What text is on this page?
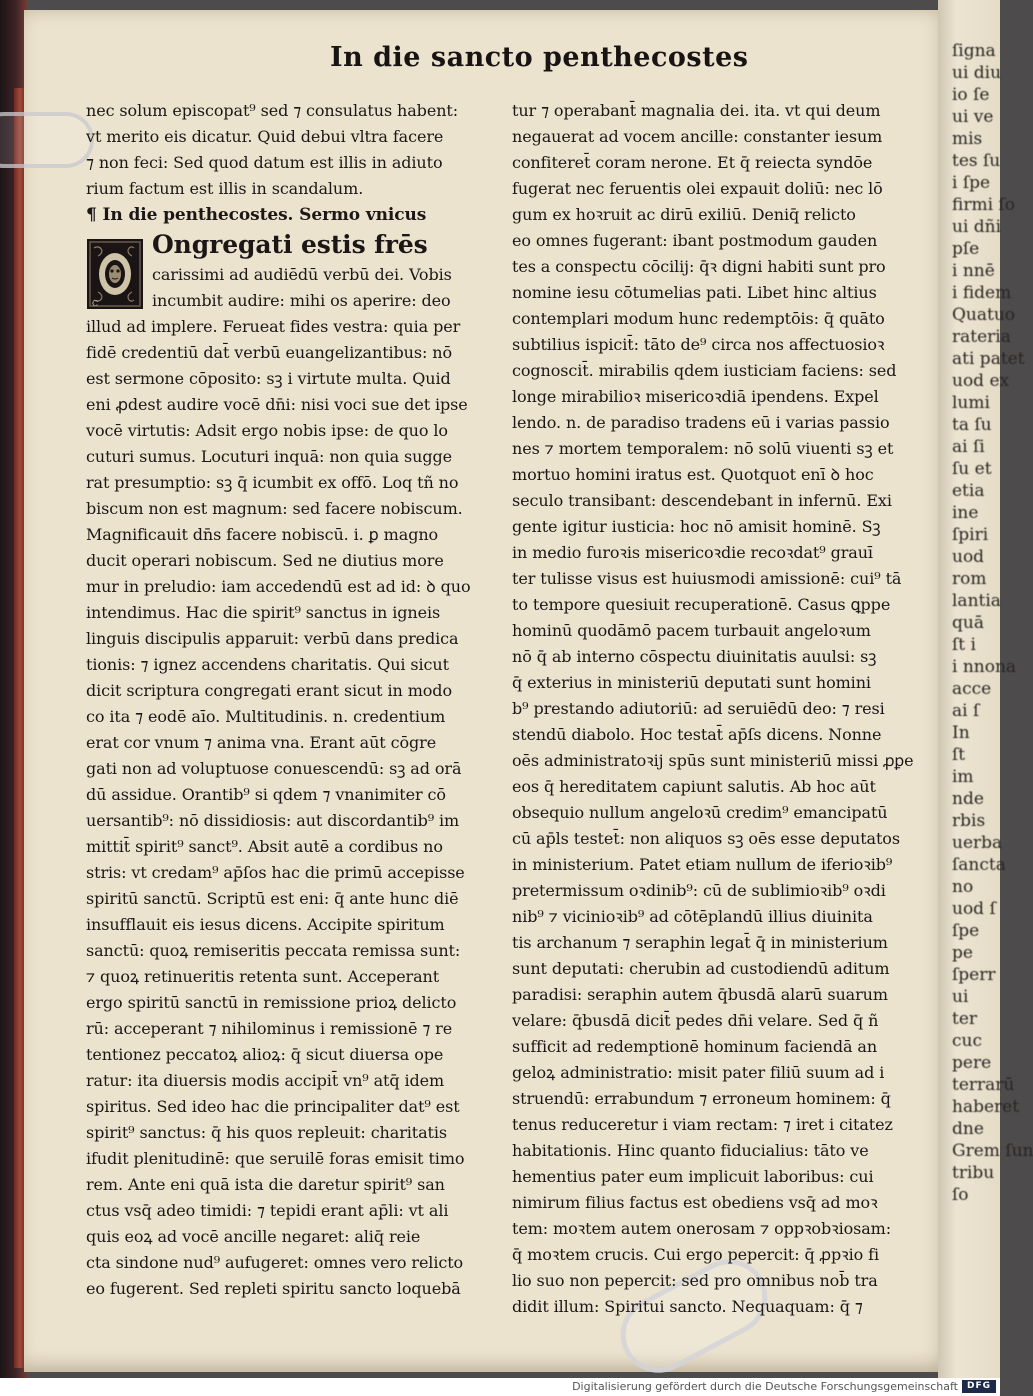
ſigna
ui diu
io ſe
ui ve
mis
tes ſu
i ſpe
firmi ſo
ui dñi
pſe
i nnē
i fidem
Quatuo
rateria
ati patet
uod ex
lumi
ta ſu
ai ſi
ſu et
etia
ine
ſpiri
uod
rom
lantia
quā
ſt i
i nnona
acce
ai ſ
In
ſt
im
nde
rbis
uerba
ſancta
no
uod ſ
ſpe
pe
ſperr
ui
ter
cuc
pere
terrarū
haberet
dne
Grem ſun
tribu
ſo
In die sancto penthecostes
nec solum episcopat⁹ sed ⁊ consulatus habent:
vt merito eis dicatur. Quid debui vltra facere
⁊ non feci: Sed quod datum est illis in adiuto
rium factum est illis in scandalum.
¶ In die penthecostes. Sermo vnicus
C
Ongregati estis frēs
carissimi ad audiēdū verbū dei. Vobis
incumbit audire: mihi os aperire: deo
illud ad implere. Ferueat fides vestra: quia per
fidē credentiū dat̄ verbū euangelizantibus: nō
est sermone cōposito: sꝫ i virtute multa. Quid
eni ꝓdest audire vocē dn̄i: nisi voci sue det ipse
vocē virtutis: Adsit ergo nobis ipse: de quo lo
cuturi sumus. Locuturi inquā: non quia sugge
rat presumptio: sꝫ q̄ icumbit ex offō. Loq tñ no
biscum non est magnum: sed facere nobiscum.
Magnificauit dn̄s facere nobiscū. i. ꝑ magno
ducit operari nobiscum. Sed ne diutius more
mur in preludio: iam accedendū est ad id: ꝺ quo
intendimus. Hac die spirit⁹ sanctus in igneis
linguis discipulis apparuit: verbū dans predica
tionis: ⁊ ignez accendens charitatis. Qui sicut
dicit scriptura congregati erant sicut in modo
co ita ⁊ eodē aīo. Multitudinis. n. credentium
erat cor vnum ⁊ anima vna. Erant aūt cōgre
gati non ad voluptuose conuescendū: sꝫ ad orā
dū assidue. Orantib⁹ si qdem ⁊ vnanimiter cō
uersantib⁹: nō dissidiosis: aut discordantib⁹ im
mittit̄ spirit⁹ sanct⁹. Absit autē a cordibus no
stris: vt credam⁹ ap̄ſos hac die primū accepisse
spiritū sanctū. Scriptū est eni: q̄ ante hunc diē
insufflauit eis iesus dicens. Accipite spiritum
sanctū: quoꝝ remiseritis peccata remissa sunt:
⁊ quoꝝ retinueritis retenta sunt. Acceperant
ergo spiritū sanctū in remissione prioꝝ delicto
rū: acceperant ⁊ nihilominus i remissionē ⁊ re
tentionez peccatoꝝ alioꝝ: q̄ sicut diuersa ope
ratur: ita diuersis modis accipit̄ vn⁹ atq̄ idem
spiritus. Sed ideo hac die principaliter dat⁹ est
spirit⁹ sanctus: q̄ his quos repleuit: charitatis
ifudit plenitudinē: que seruilē foras emisit timo
rem. Ante eni quā ista die daretur spirit⁹ san
ctus vsq̄ adeo timidi: ⁊ tepidi erant ap̄li: vt ali
quis eoꝝ ad vocē ancille negaret: aliq̄ reie
cta sindone nud⁹ aufugeret: omnes vero relicto
eo fugerent. Sed repleti spiritu sancto loquebā
tur ⁊ operabant̄ magnalia dei. ita. vt qui deum
negauerat ad vocem ancille: constanter iesum
confiteret̄ coram nerone. Et q̄ reiecta syndōe
fugerat nec feruentis olei expauit doliū: nec lō
gum ex hoꝛruit ac dirū exiliū. Deniq̄ relicto
eo omnes fugerant: ibant postmodum gauden
tes a conspectu cōcilij: q̄ꝛ digni habiti sunt pro
nomine iesu cōtumelias pati. Libet hinc altius
contemplari modum hunc redemptōis: q̄ quāto
subtilius ispicit̄: tāto de⁹ circa nos affectuosioꝛ
cognoscit̄. mirabilis qdem iusticiam faciens: sed
longe mirabilioꝛ misericoꝛdiā ipendens. Expel
lendo. n. de paradiso tradens eū i varias passio
nes ⁊ mortem temporalem: nō solū viuenti sꝫ et
mortuo homini iratus est. Quotquot enī ꝺ hoc
seculo transibant: descendebant in infernū. Exi
gente igitur iusticia: hoc nō amisit hominē. Sꝫ
in medio furoꝛis misericoꝛdie recoꝛdat⁹ grauī
ter tulisse visus est huiusmodi amissionē: cui⁹ tā
to tempore quesiuit recuperationē. Casus ꝗppe
hominū quodāmō pacem turbauit angeloꝛum
nō q̄ ab interno cōspectu diuinitatis auulsi: sꝫ
q̄ exterius in ministeriū deputati sunt homini
b⁹ prestando adiutoriū: ad seruiēdū deo: ⁊ resi
stendū diabolo. Hoc testat̄ ap̄ſs dicens. Nonne
oēs administratoꝛij spūs sunt ministeriū missi ꝓꝑe
eos q̄ hereditatem capiunt salutis. Ab hoc aūt
obsequio nullum angeloꝛū credim⁹ emancipatū
cū ap̄ls testet̄: non aliquos sꝫ oēs esse deputatos
in ministerium. Patet etiam nullum de iferioꝛib⁹
pretermissum oꝛdinib⁹: cū de sublimioꝛib⁹ oꝛdi
nib⁹ ⁊ vicinioꝛib⁹ ad cōtēplandū illius diuinita
tis archanum ⁊ seraphin legat̄ q̄ in ministerium
sunt deputati: cherubin ad custodiendū aditum
paradisi: seraphin autem q̄busdā alarū suarum
velare: q̄busdā dicit̄ pedes dn̄i velare. Sed q̄ ñ
sufficit ad redemptionē hominum faciendā an
geloꝝ administratio: misit pater filiū suum ad i
struendū: errabundum ⁊ erroneum hominem: q̄
tenus reduceretur i viam rectam: ⁊ iret i citatez
habitationis. Hinc quanto fiducialius: tāto ve
hementius pater eum implicuit laboribus: cui
nimirum filius factus est obediens vsq̄ ad moꝛ
tem: moꝛtem autem onerosam ⁊ oppꝛobꝛiosam:
q̄ moꝛtem crucis. Cui ergo pepercit: q̄ ꝓpꝛio fi
lio suo non pepercit: sed pro omnibus nob̄ tra
didit illum: Spiritui sancto. Nequaquam: q̄ ⁊
Digitalisierung gefördert durch die Deutsche Forschungsgemeinschaft DFG
